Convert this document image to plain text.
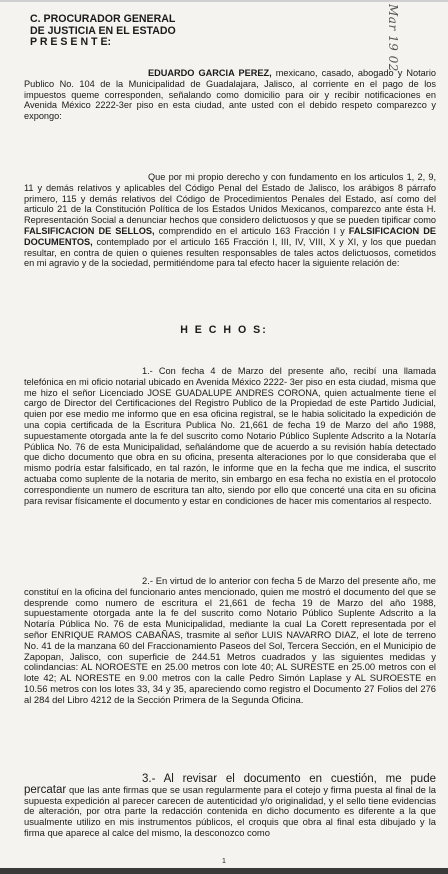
Mar 19 02
C. PROCURADOR GENERAL
DE JUSTICIA EN EL ESTADO
P R E S E N T E:

EDUARDO GARCIA PEREZ, mexicano, casado, abogado y Notario Publico No. 104 de la Municipalidad de Guadalajara, Jalisco, al corriente en el pago de los impuestos queme corresponden, señalando como domicilio para oir y recibir notificaciones en Avenida México 2222-3er piso en esta ciudad, ante usted con el debido respeto comparezco y expongo:

Que por mi propio derecho y con fundamento en los articulos 1, 2, 9, 11 y demás relativos y aplicables del Código Penal del Estado de Jalisco, los arábigos 8 párrafo primero, 115 y demás relativos del Código de Procedimientos Penales del Estado, así como del articulo 21 de la Constitución Política de los Estados Unidos Mexicanos, comparezco ante ésta H. Representación Social a denunciar hechos que considero delictuosos y que se pueden tipificar como FALSIFICACION DE SELLOS, comprendido en el articulo 163 Fracción I y FALSIFICACION DE DOCUMENTOS, contemplado por el articulo 165 Fracción I, III, IV, VIII, X y XI, y los que puedan resultar, en contra de quien o quienes resulten responsables de tales actos delictuosos, cometidos en mi agravio y de la sociedad, permitiéndome para tal efecto hacer la siguiente relación de:

H E C H O S:

1.- Con fecha 4 de Marzo del presente año, recibí una llamada telefónica en mi oficio notarial ubicado en Avenida México 2222- 3er piso en esta ciudad, misma que me hizo el señor Licenciado JOSE GUADALUPE ANDRES CORONA, quien actualmente tiene el cargo de Director del Certificaciones del Registro Publico de la Propiedad de este Partido Judicial, quien por ese medio me informo que en esa oficina registral, se le habia solicitado la expedición de una copia certificada de la Escritura Publica No. 21,661 de fecha 19 de Marzo del año 1988, supuestamente otorgada ante la fe del suscrito como Notario Público Suplente Adscrito a la Notaría Pública No. 76 de esta Municipalidad, señalándome que de acuerdo a su revisión había detectado que dicho documento que obra en su oficina, presenta alteraciones por lo que consideraba que el mismo podría estar falsificado, en tal razón, le informe que en la fecha que me indica, el suscrito actuaba como suplente de la notaria de merito, sin embargo en esa fecha no existía en el protocolo correspondiente un numero de escritura tan alto, siendo por ello que concerté una cita en su oficina para revisar físicamente el documento y estar en condiciones de hacer mis comentarios al respecto.

2.- En virtud de lo anterior con fecha 5 de Marzo del presente año, me constituí en la oficina del funcionario antes mencionado, quien me mostró el documento del que se desprende como numero de escritura el 21,661 de fecha 19 de Marzo del año 1988, supuestamente otorgada ante la fe del suscrito como Notario Público Suplente Adscrito a la Notaría Pública No. 76 de esta Municipalidad, mediante la cual La Corett representada por el señor ENRIQUE RAMOS CABAÑAS, trasmite al señor LUIS NAVARRO DIAZ, el lote de terreno No. 41 de la manzana 60 del Fraccionamiento Paseos del Sol, Tercera Sección, en el Municipio de Zapopan, Jalisco, con superficie de 244.51 Metros cuadrados y las siguientes medidas y colindancias: AL NOROESTE en 25.00 metros con lote 40; AL SURESTE en 25.00 metros con el lote 42; AL NORESTE en 9.00 metros con la calle Pedro Simón Laplase y AL SUROESTE en 10.56 metros con los lotes 33, 34 y 35, apareciendo como registro el Documento 27 Folios del 276 al 284 del Libro 4212 de la Sección Primera de la Segunda Oficina.

3.- Al revisar el documento en cuestión, me pude percatar que las ante firmas que se usan regularmente para el cotejo y firma puesta al final de la supuesta expedición al parecer carecen de autenticidad y/o originalidad, y el sello tiene evidencias de alteración, por otra parte la redacción contenida en dicho documento es diferente a la que usualmente utilizo en mis instrumentos públicos, el croquis que obra al final esta dibujado y la firma que aparece al calce del mismo, la desconozco como

1
